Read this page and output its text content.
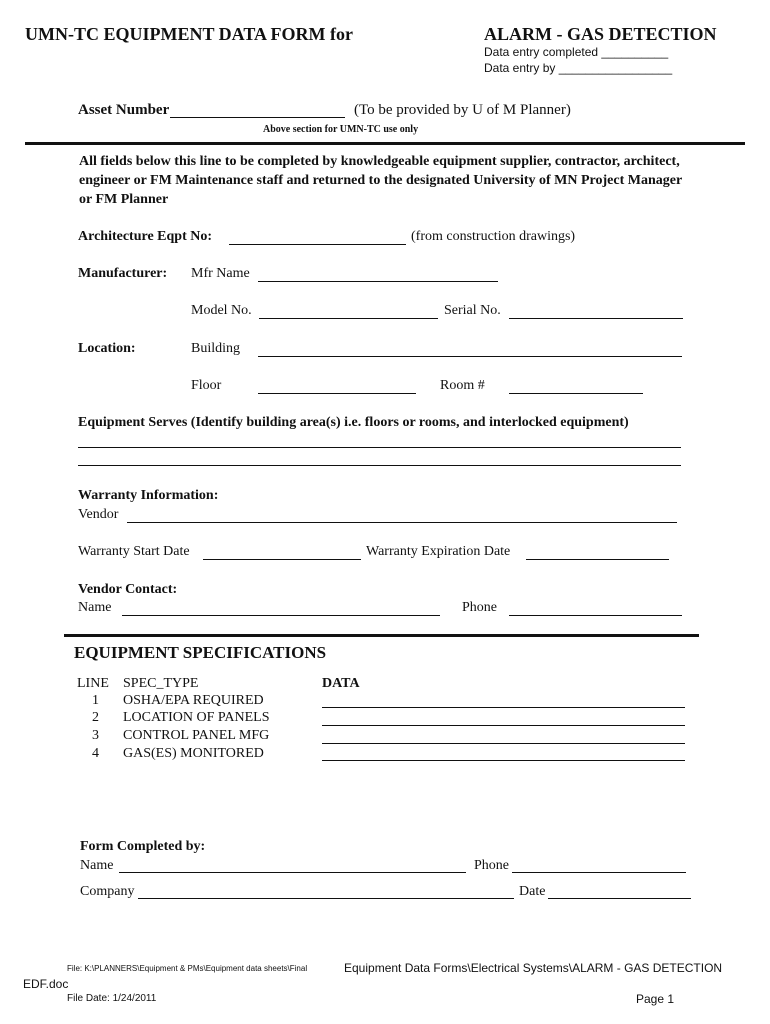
UMN-TC EQUIPMENT DATA FORM for	ALARM - GAS DETECTION
Data entry completed __________
Data entry by _________________
Asset Number	(To be provided by U of M Planner)
Above section for UMN-TC use only
All fields below this line to be completed by knowledgeable equipment supplier, contractor, architect,
engineer or FM Maintenance staff and returned to the designated University of MN Project Manager
or FM Planner
Architecture Eqpt No:	(from construction drawings)
Manufacturer: Mfr Name
Model No.	Serial No.
Location:	Building
Floor	Room #
Equipment Serves (Identify building area(s) i.e. floors or rooms, and interlocked equipment)
Warranty Information:
Vendor
Warranty Start Date	Warranty Expiration Date
Vendor Contact:
Name	Phone
EQUIPMENT SPECIFICATIONS
LINE SPEC_TYPE	DATA
1 OSHA/EPA REQUIRED
2 LOCATION OF PANELS
3 CONTROL PANEL MFG
4 GAS(ES) MONITORED
Form Completed by:
Name	Phone
Company	Date
File: K:\PLANNERS\Equipment & PMs\Equipment data sheets\Final	Equipment Data Forms\Electrical Systems\ALARM - GAS DETECTION
EDF.doc
File Date: 1/24/2011	Page 1
